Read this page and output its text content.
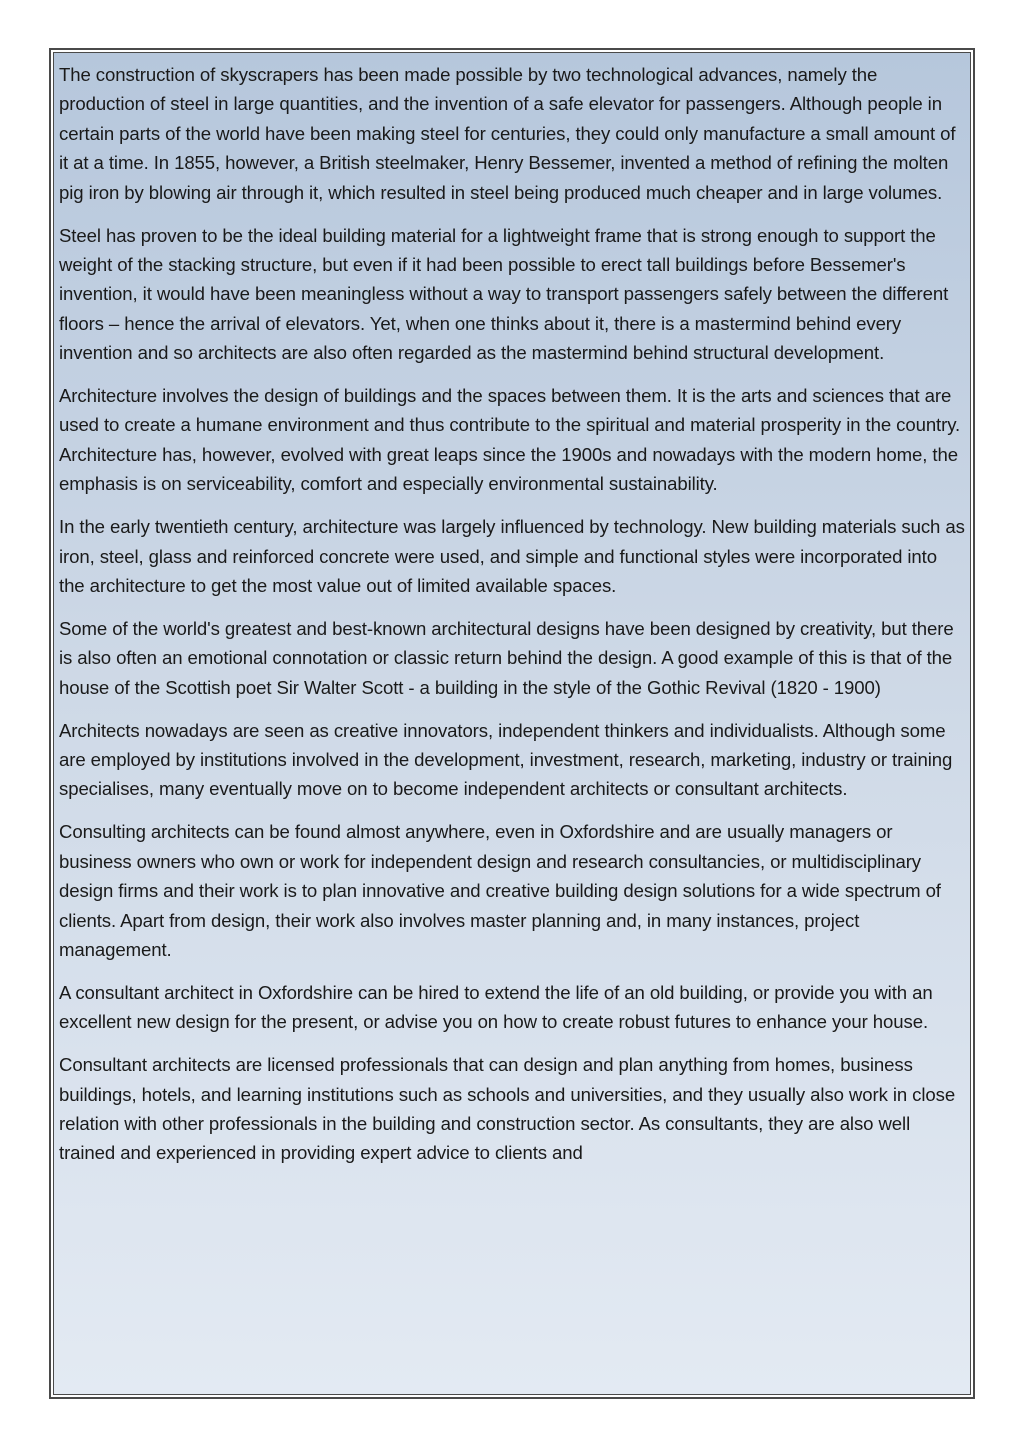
The construction of skyscrapers has been made possible by two technological advances, namely the production of steel in large quantities, and the invention of a safe elevator for passengers. Although people in certain parts of the world have been making steel for centuries, they could only manufacture a small amount of it at a time. In 1855, however, a British steelmaker, Henry Bessemer, invented a method of refining the molten pig iron by blowing air through it, which resulted in steel being produced much cheaper and in large volumes.

Steel has proven to be the ideal building material for a lightweight frame that is strong enough to support the weight of the stacking structure, but even if it had been possible to erect tall buildings before Bessemer's invention, it would have been meaningless without a way to transport passengers safely between the different floors – hence the arrival of elevators. Yet, when one thinks about it, there is a mastermind behind every invention and so architects are also often regarded as the mastermind behind structural development.

Architecture involves the design of buildings and the spaces between them. It is the arts and sciences that are used to create a humane environment and thus contribute to the spiritual and material prosperity in the country. Architecture has, however, evolved with great leaps since the 1900s and nowadays with the modern home, the emphasis is on serviceability, comfort and especially environmental sustainability.

In the early twentieth century, architecture was largely influenced by technology. New building materials such as iron, steel, glass and reinforced concrete were used, and simple and functional styles were incorporated into the architecture to get the most value out of limited available spaces.

Some of the world's greatest and best-known architectural designs have been designed by creativity, but there is also often an emotional connotation or classic return behind the design. A good example of this is that of the house of the Scottish poet Sir Walter Scott - a building in the style of the Gothic Revival (1820 - 1900)

Architects nowadays are seen as creative innovators, independent thinkers and individualists. Although some are employed by institutions involved in the development, investment, research, marketing, industry or training specialises, many eventually move on to become independent architects or consultant architects.

Consulting architects can be found almost anywhere, even in Oxfordshire and are usually managers or business owners who own or work for independent design and research consultancies, or multidisciplinary design firms and their work is to plan innovative and creative building design solutions for a wide spectrum of clients. Apart from design, their work also involves master planning and, in many instances, project management.

A consultant architect in Oxfordshire can be hired to extend the life of an old building, or provide you with an excellent new design for the present, or advise you on how to create robust futures to enhance your house.

Consultant architects are licensed professionals that can design and plan anything from homes, business buildings, hotels, and learning institutions such as schools and universities, and they usually also work in close relation with other professionals in the building and construction sector. As consultants, they are also well trained and experienced in providing expert advice to clients and
